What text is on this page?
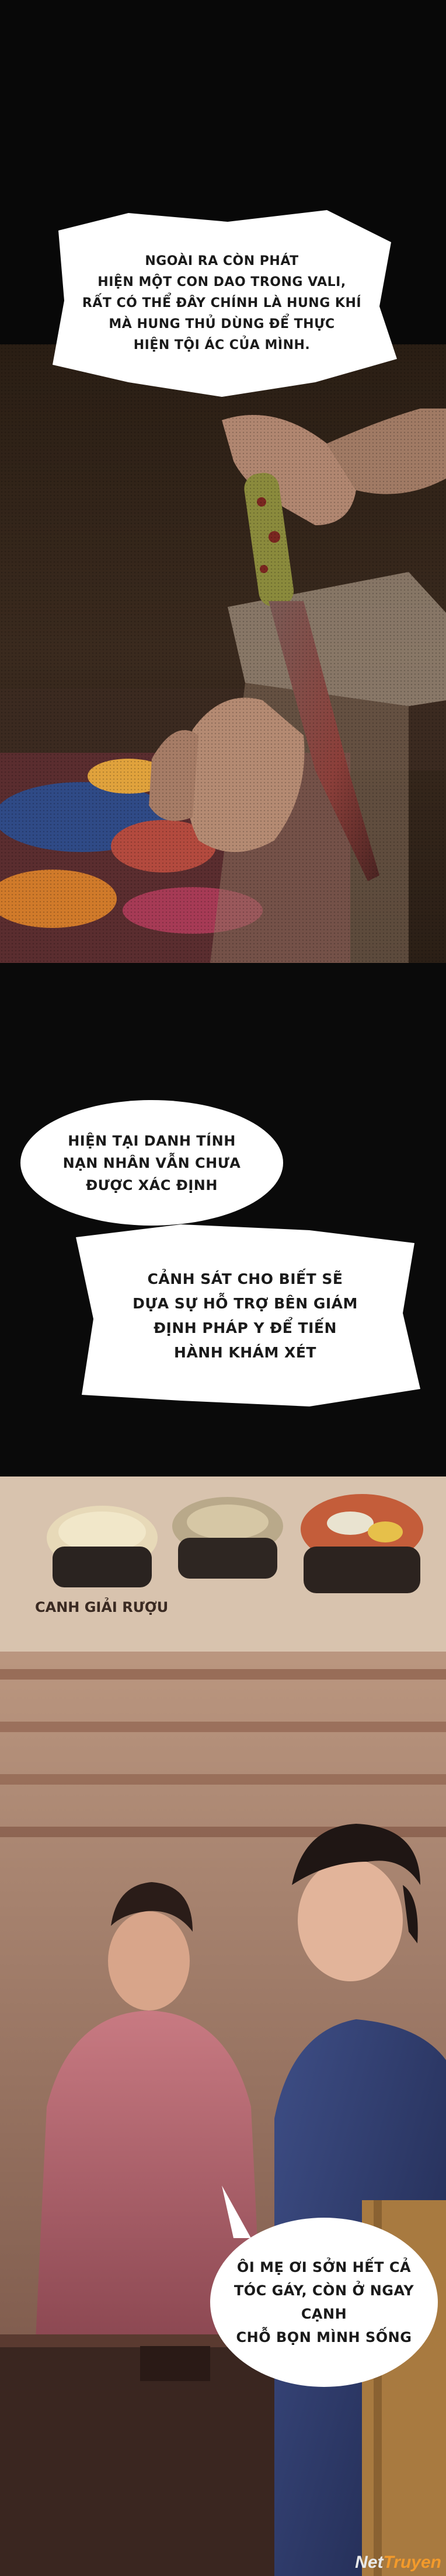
NGOÀI RA CÒN PHÁT
HIỆN MỘT CON DAO TRONG VALI,
RẤT CÓ THỂ ĐÂY CHÍNH LÀ HUNG KHÍ
MÀ HUNG THỦ DÙNG ĐỂ THỰC
HIỆN TỘI ÁC CỦA MÌNH.
HIỆN TẠI DANH TÍNH
NẠN NHÂN VẪN CHƯA
ĐƯỢC XÁC ĐỊNH
CẢNH SÁT CHO BIẾT SẼ
DỰA SỰ HỖ TRỢ BÊN GIÁM
ĐỊNH PHÁP Y ĐỂ TIẾN
HÀNH KHÁM XÉT
CANH GIẢI RƯỢU
ÔI MẸ ƠI SỞN HẾT CẢ
TÓC GÁY, CÒN Ở NGAY CẠNH
CHỖ BỌN MÌNH SỐNG
NetTruyen
